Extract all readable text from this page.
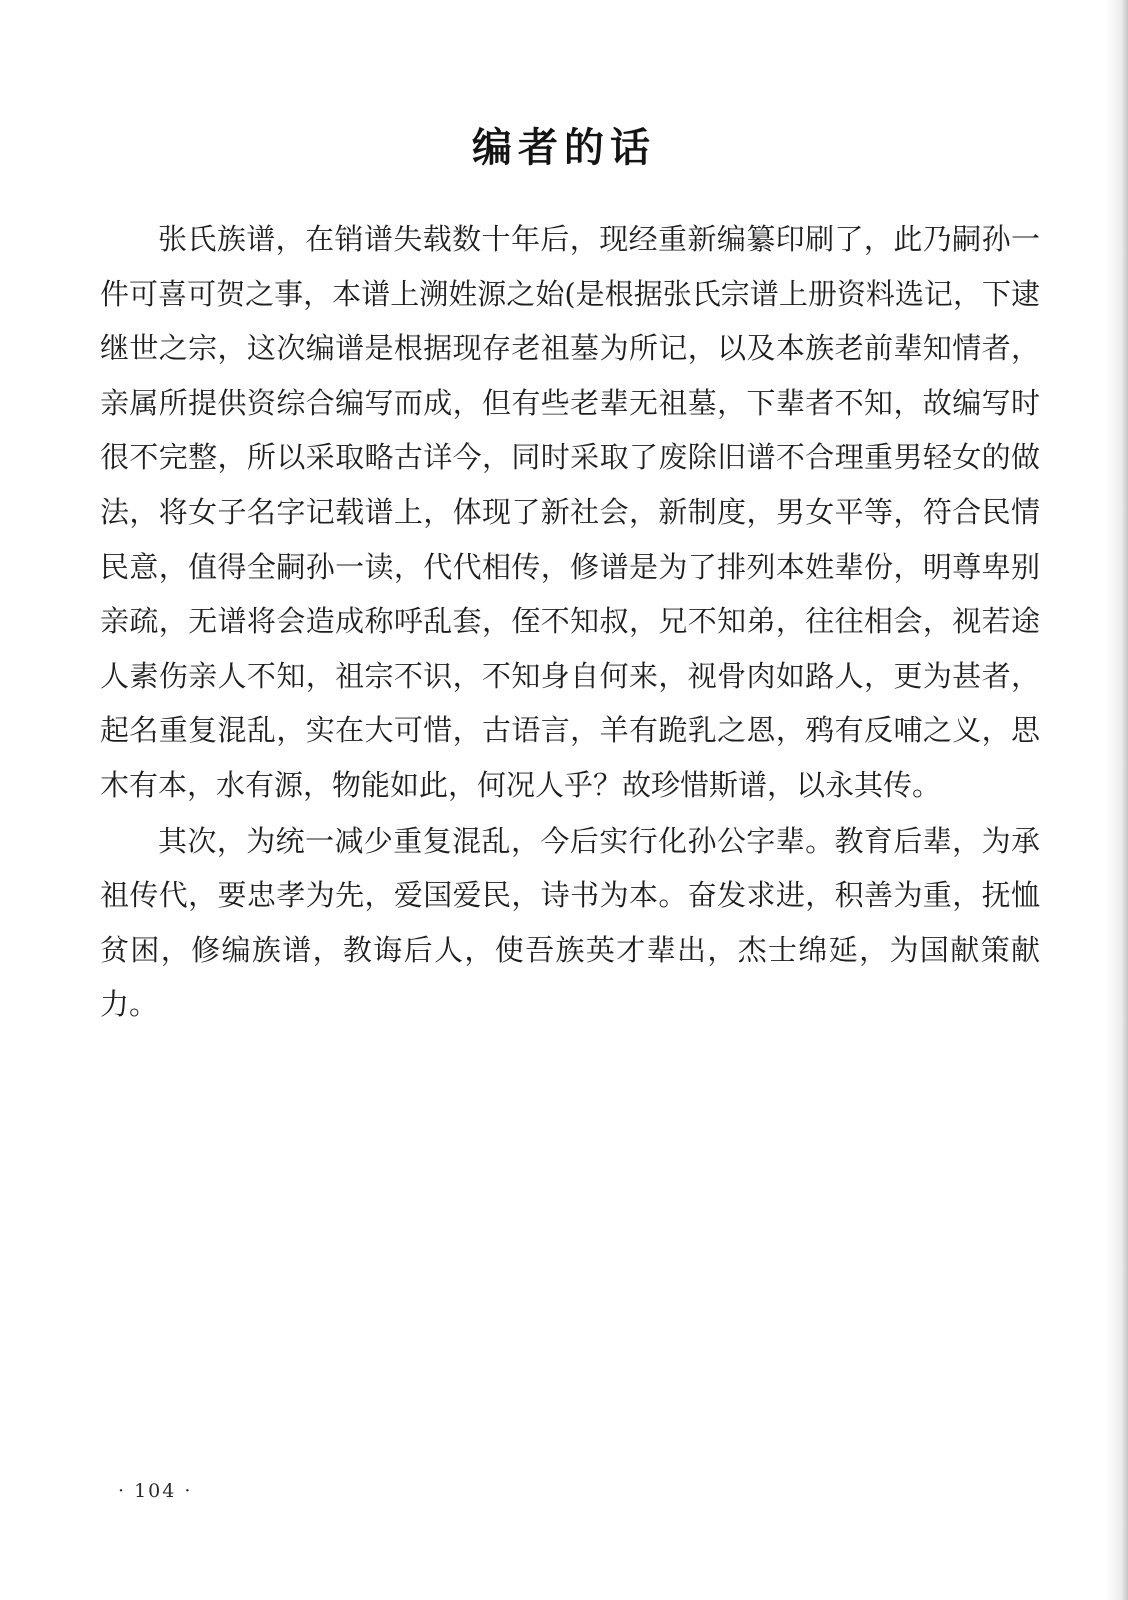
编者的话

张氏族谱，在销谱失载数十年后，现经重新编纂印刷了，此乃嗣孙一件可喜可贺之事，本谱上溯姓源之始(是根据张氏宗谱上册资料选记，下逮继世之宗，这次编谱是根据现存老祖墓为所记，以及本族老前辈知情者，亲属所提供资综合编写而成，但有些老辈无祖墓，下辈者不知，故编写时很不完整，所以采取略古详今，同时采取了废除旧谱不合理重男轻女的做法，将女子名字记载谱上，体现了新社会，新制度，男女平等，符合民情民意，值得全嗣孙一读，代代相传，修谱是为了排列本姓辈份，明尊卑别亲疏，无谱将会造成称呼乱套，侄不知叔，兄不知弟，往往相会，视若途人素伤亲人不知，祖宗不识，不知身自何来，视骨肉如路人，更为甚者，起名重复混乱，实在大可惜，古语言，羊有跪乳之恩，鸦有反哺之义，思木有本，水有源，物能如此，何况人乎？故珍惜斯谱，以永其传。

其次，为统一减少重复混乱，今后实行化孙公字辈。教育后辈，为承祖传代，要忠孝为先，爱国爱民，诗书为本。奋发求进，积善为重，抚恤贫困，修编族谱，教诲后人，使吾族英才辈出，杰士绵延，为国献策献力。

· 104 ·
